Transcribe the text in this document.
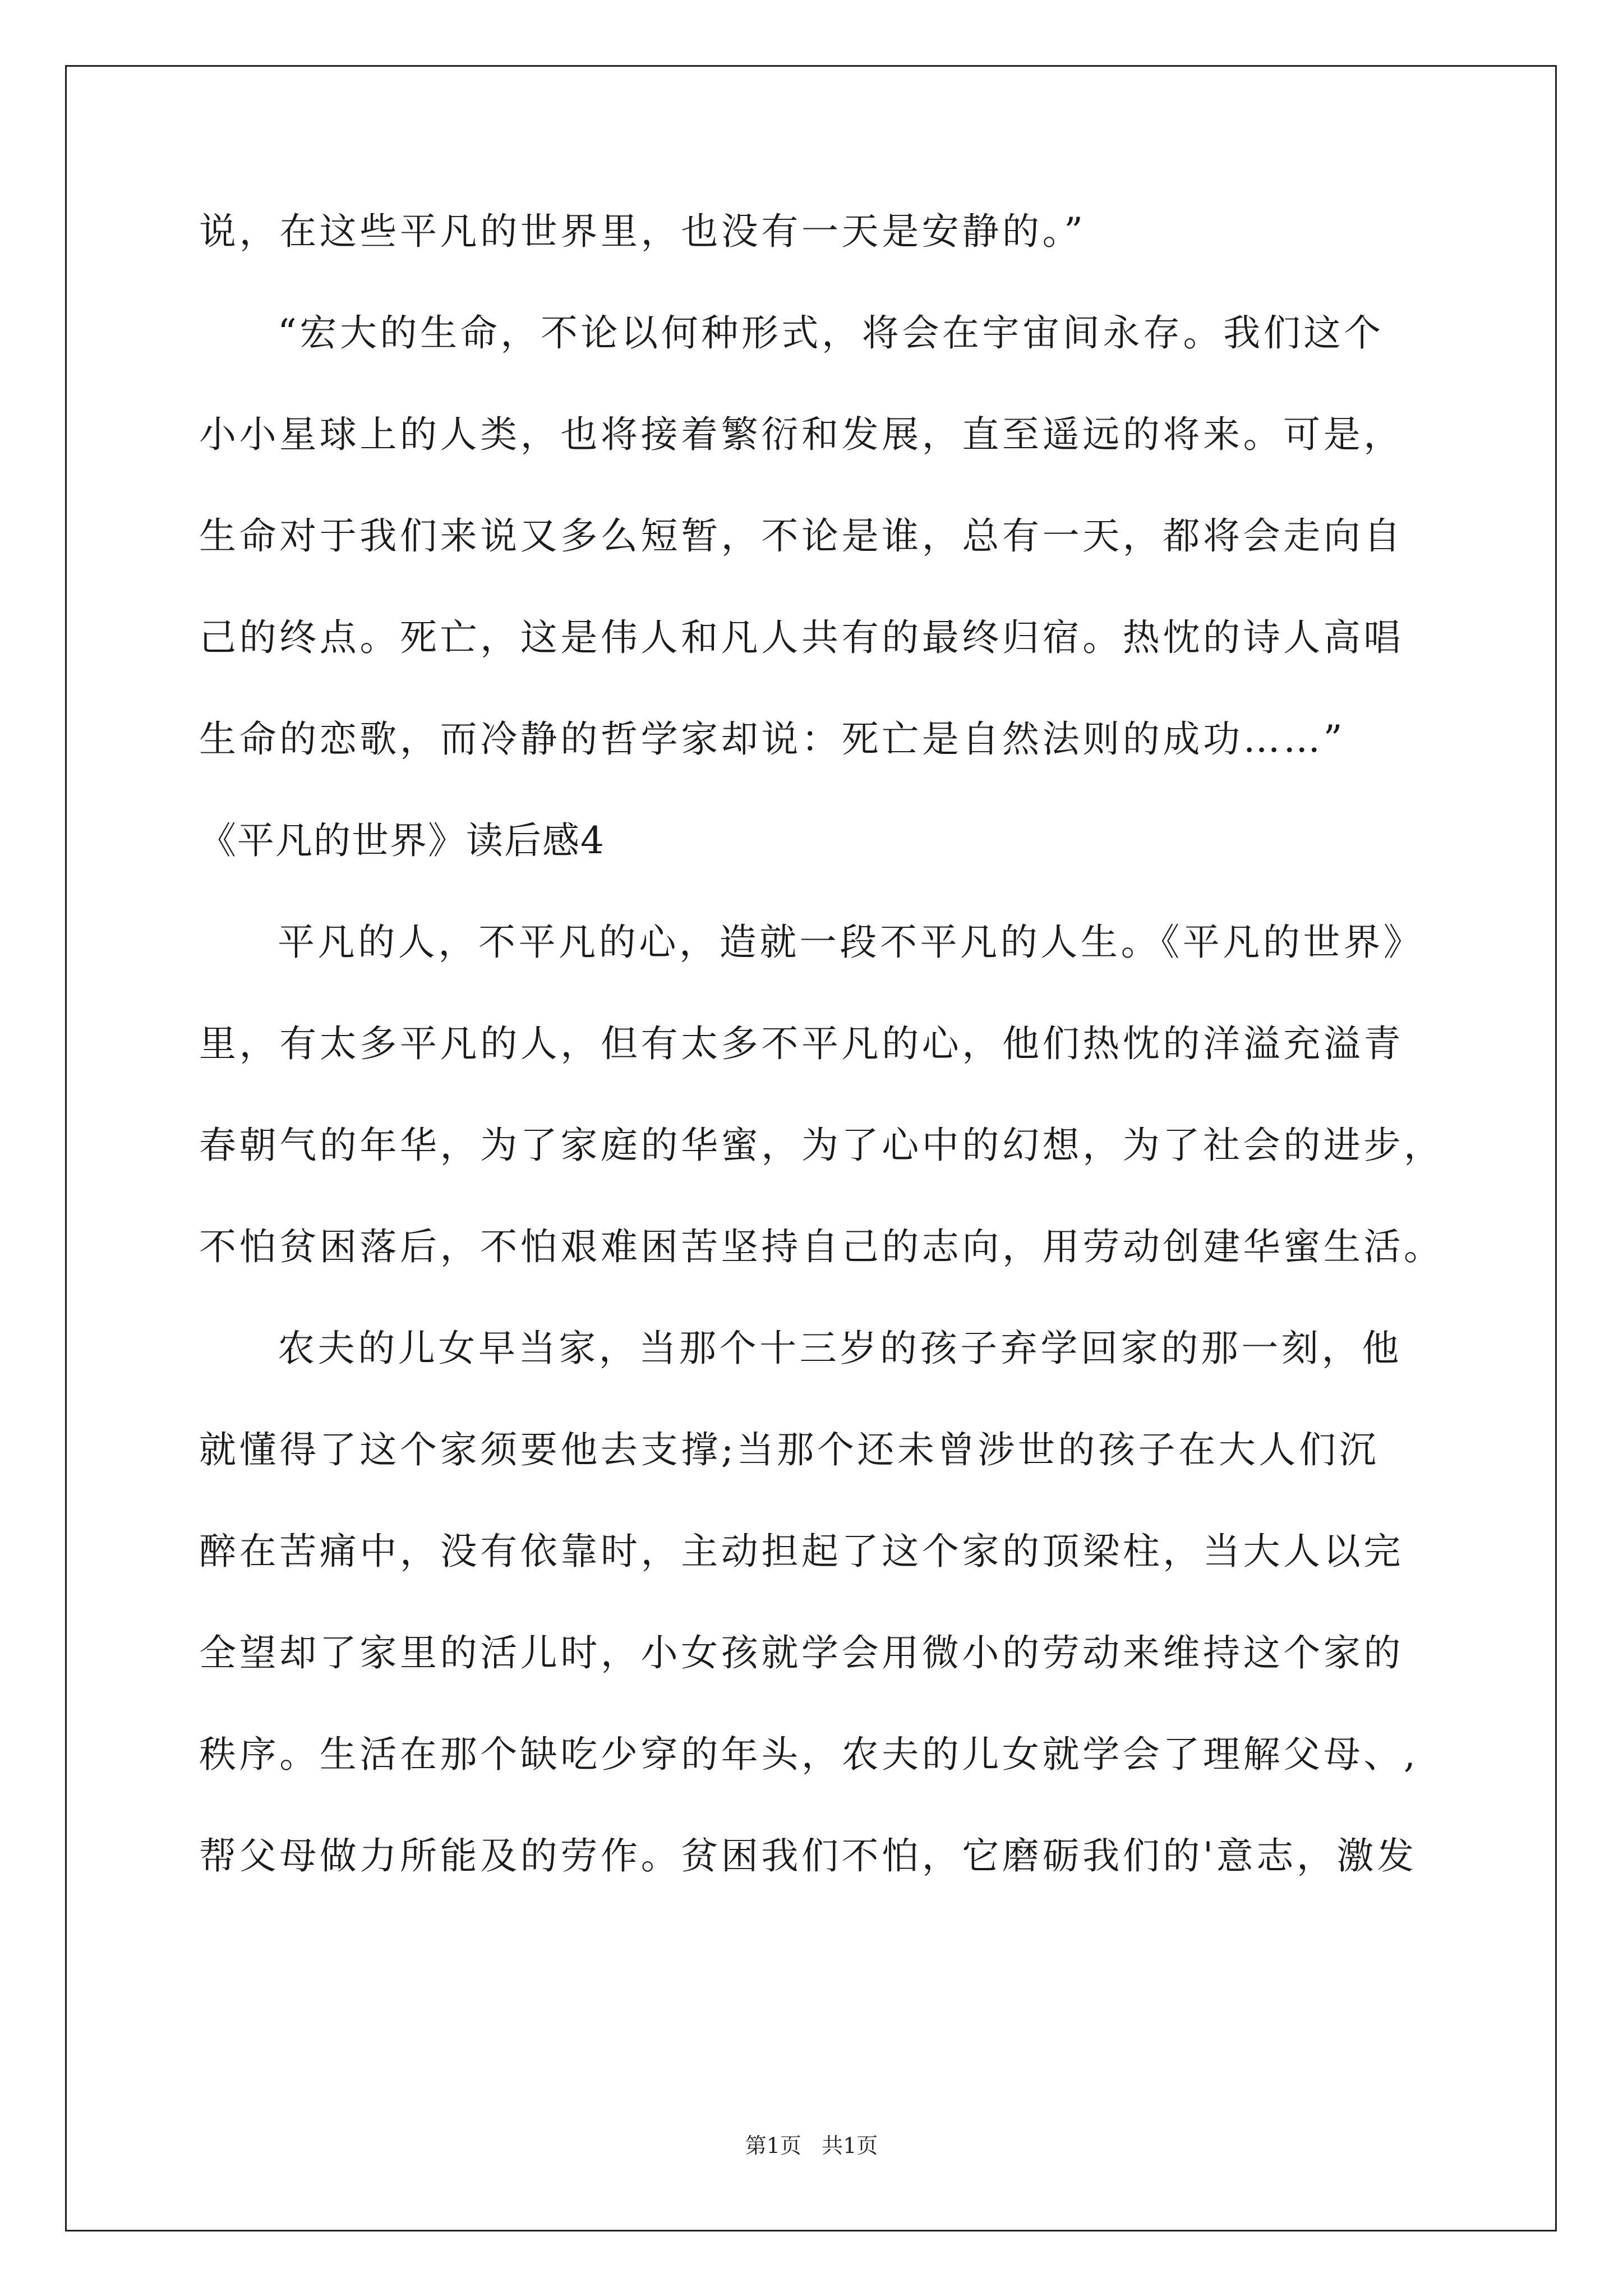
说，在这些平凡的世界里，也没有一天是安静的。”
“宏大的生命，不论以何种形式，将会在宇宙间永存。我们这个
小小星球上的人类，也将接着繁衍和发展，直至遥远的将来。可是，
生命对于我们来说又多么短暂，不论是谁，总有一天，都将会走向自
己的终点。死亡，这是伟人和凡人共有的最终归宿。热忱的诗人高唱
生命的恋歌，而冷静的哲学家却说：死亡是自然法则的成功……”
《平凡的世界》读后感4
平凡的人，不平凡的心，造就一段不平凡的人生。《平凡的世界》
里，有太多平凡的人，但有太多不平凡的心，他们热忱的洋溢充溢青
春朝气的年华，为了家庭的华蜜，为了心中的幻想，为了社会的进步，
不怕贫困落后，不怕艰难困苦坚持自己的志向，用劳动创建华蜜生活。
农夫的儿女早当家，当那个十三岁的孩子弃学回家的那一刻，他
就懂得了这个家须要他去支撑;当那个还未曾涉世的孩子在大人们沉
醉在苦痛中，没有依靠时，主动担起了这个家的顶梁柱，当大人以完
全望却了家里的活儿时，小女孩就学会用微小的劳动来维持这个家的
秩序。生活在那个缺吃少穿的年头，农夫的儿女就学会了理解父母、,
帮父母做力所能及的劳作。贫困我们不怕，它磨砺我们的'意志，激发
第1页   共1页
